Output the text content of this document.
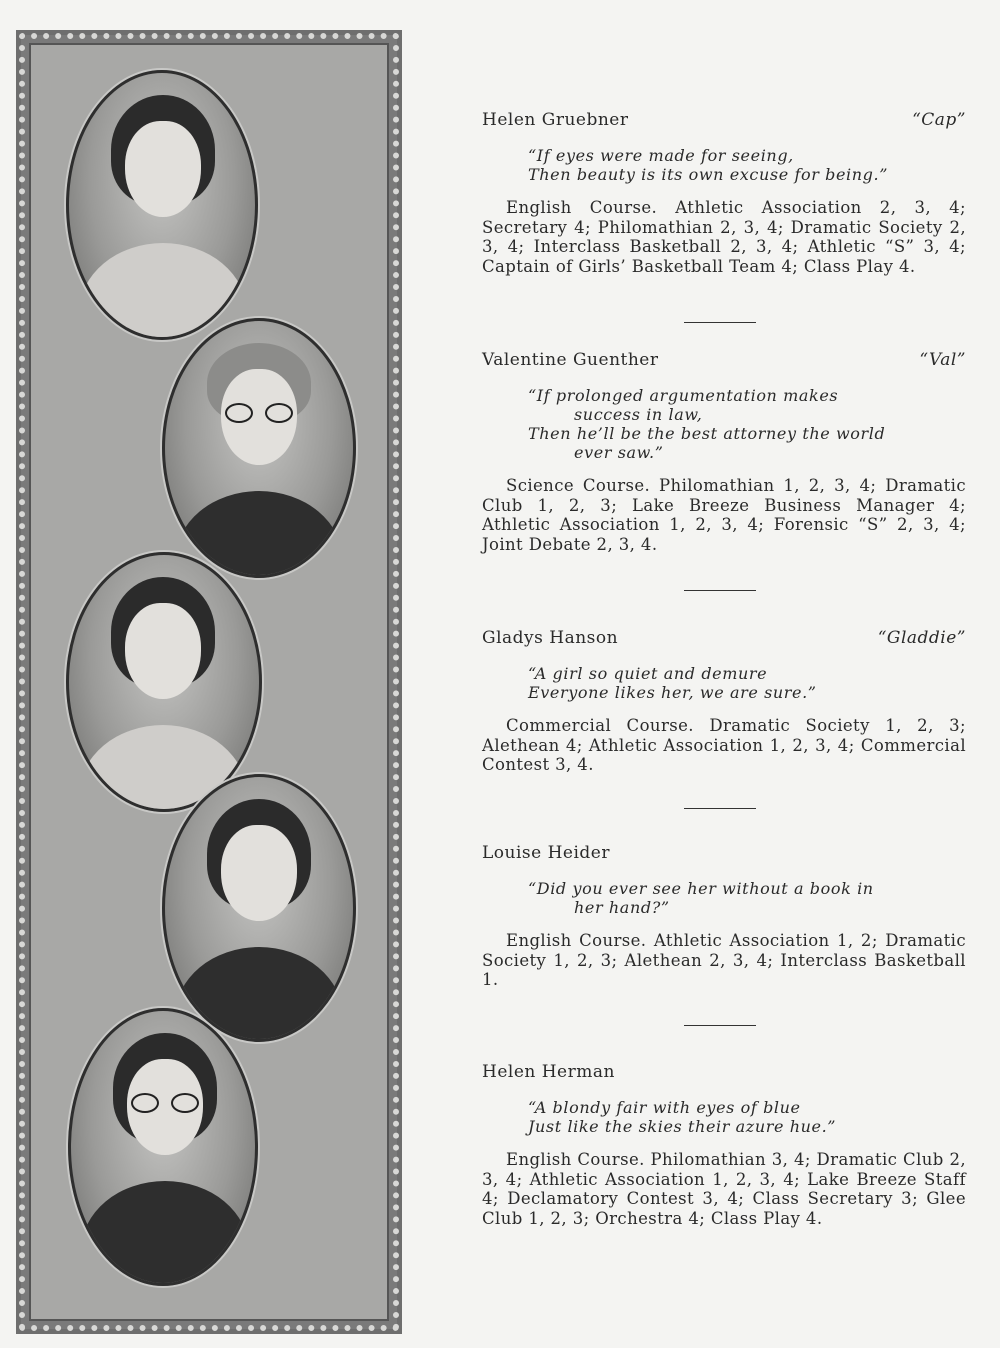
Helen Gruebner	“Cap”
“If eyes were made for seeing,
Then beauty is its own excuse for being.”
English Course. Athletic Association 2, 3, 4; Secretary 4; Philomathian 2, 3, 4; Dramatic Society 2, 3, 4; Interclass Basketball 2, 3, 4; Athletic “S” 3, 4; Captain of Girls’ Basketball Team 4; Class Play 4.
Valentine Guenther	“Val”
“If prolonged argumentation makes
success in law,
Then he’ll be the best attorney the world
ever saw.”
Science Course. Philomathian 1, 2, 3, 4; Dramatic Club 1, 2, 3; Lake Breeze Business Manager 4; Athletic Association 1, 2, 3, 4; Forensic “S” 2, 3, 4; Joint Debate 2, 3, 4.
Gladys Hanson	“Gladdie”
“A girl so quiet and demure
Everyone likes her, we are sure.”
Commercial Course. Dramatic Society 1, 2, 3; Alethean 4; Athletic Association 1, 2, 3, 4; Commercial Contest 3, 4.
Louise Heider
“Did you ever see her without a book in
her hand?”
English Course. Athletic Association 1, 2; Dramatic Society 1, 2, 3; Alethean 2, 3, 4; Interclass Basketball 1.
Helen Herman
“A blondy fair with eyes of blue
Just like the skies their azure hue.”
English Course. Philomathian 3, 4; Dramatic Club 2, 3, 4; Athletic Association 1, 2, 3, 4; Lake Breeze Staff 4; Declamatory Contest 3, 4; Class Secretary 3; Glee Club 1, 2, 3; Orchestra 4; Class Play 4.
